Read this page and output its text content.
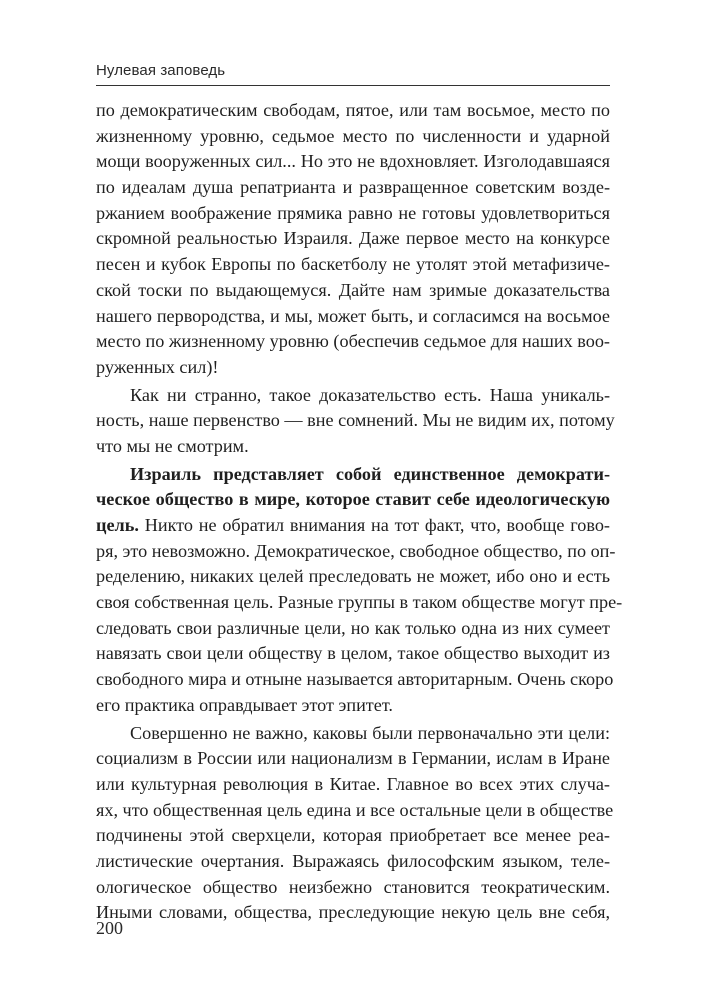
Нулевая заповедь
по демократическим свободам, пятое, или там восьмое, место по
жизненному уровню, седьмое место по численности и ударной
мощи вооруженных сил... Но это не вдохновляет. Изголодавшаяся
по идеалам душа репатрианта и развращенное советским возде-
ржанием воображение прямика равно не готовы удовлетвориться
скромной реальностью Израиля. Даже первое место на конкурсе
песен и кубок Европы по баскетболу не утолят этой метафизиче-
ской тоски по выдающемуся. Дайте нам зримые доказательства
нашего первородства, и мы, может быть, и согласимся на восьмое
место по жизненному уровню (обеспечив седьмое для наших воо-
руженных сил)!
Как ни странно, такое доказательство есть. Наша уникаль-
ность, наше первенство — вне сомнений. Мы не видим их, потому
что мы не смотрим.
Израиль представляет собой единственное демократи-
ческое общество в мире, которое ставит себе идеологическую
цель. Никто не обратил внимания на тот факт, что, вообще гово-
ря, это невозможно. Демократическое, свободное общество, по оп-
ределению, никаких целей преследовать не может, ибо оно и есть
своя собственная цель. Разные группы в таком обществе могут пре-
следовать свои различные цели, но как только одна из них сумеет
навязать свои цели обществу в целом, такое общество выходит из
свободного мира и отныне называется авторитарным. Очень скоро
его практика оправдывает этот эпитет.
Совершенно не важно, каковы были первоначально эти цели:
социализм в России или национализм в Германии, ислам в Иране
или культурная революция в Китае. Главное во всех этих случа-
ях, что общественная цель едина и все остальные цели в обществе
подчинены этой сверхцели, которая приобретает все менее реа-
листические очертания. Выражаясь философским языком, теле-
ологическое общество неизбежно становится теократическим.
Иными словами, общества, преследующие некую цель вне себя,
200
